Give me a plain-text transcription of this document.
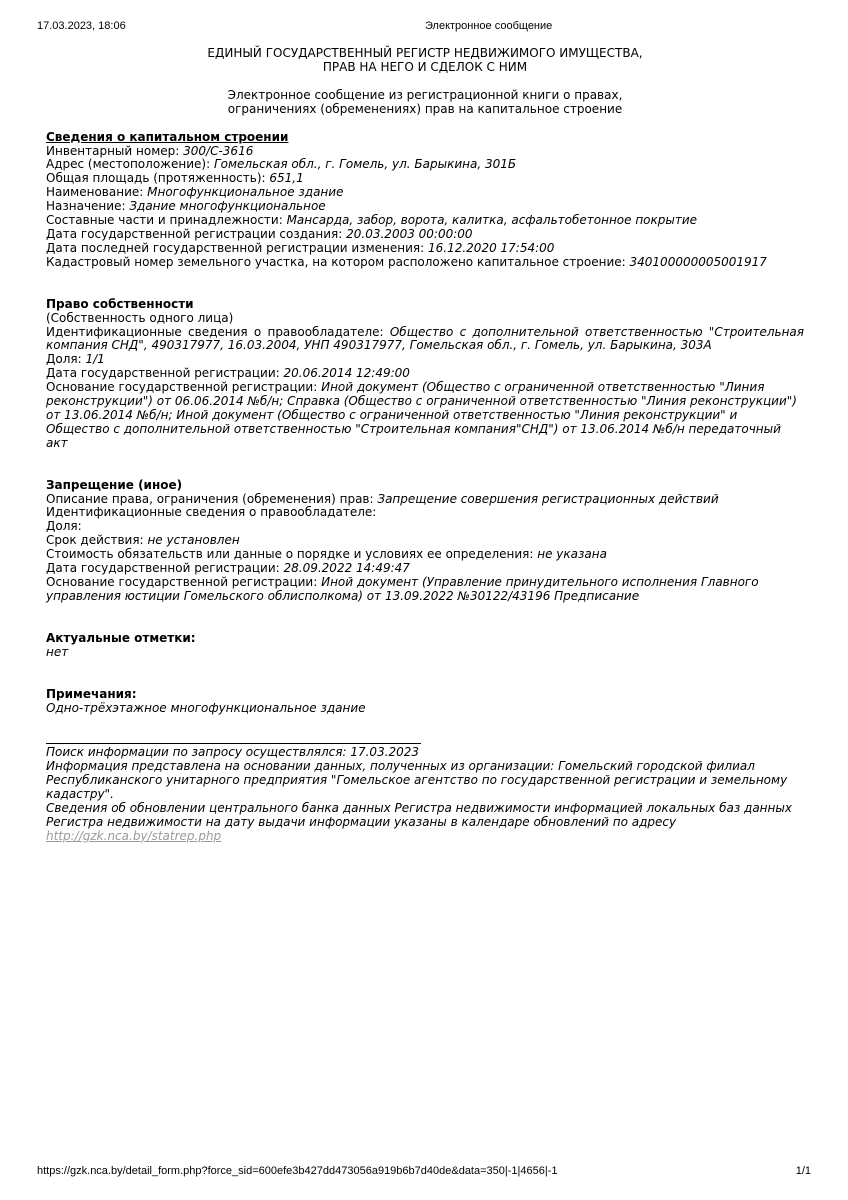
17.03.2023, 18:06	Электронное сообщение
ЕДИНЫЙ ГОСУДАРСТВЕННЫЙ РЕГИСТР НЕДВИЖИМОГО ИМУЩЕСТВА,
ПРАВ НА НЕГО И СДЕЛОК С НИМ
Электронное сообщение из регистрационной книги о правах,
ограничениях (обременениях) прав на капитальное строение
Сведения о капитальном строении
Инвентарный номер: 300/С-3616
Адрес (местоположение): Гомельская обл., г. Гомель, ул. Барыкина, 301Б
Общая площадь (протяженность): 651,1
Наименование: Многофункциональное здание
Назначение: Здание многофункциональное
Составные части и принадлежности: Мансарда, забор, ворота, калитка, асфальтобетонное покрытие
Дата государственной регистрации создания: 20.03.2003 00:00:00
Дата последней государственной регистрации изменения: 16.12.2020 17:54:00
Кадастровый номер земельного участка, на котором расположено капитальное строение: 340100000005001917
Право собственности
(Собственность одного лица)
Идентификационные сведения о правообладателе: Общество с дополнительной ответственностью "Строительная компания СНД", 490317977, 16.03.2004, УНП 490317977, Гомельская обл., г. Гомель, ул. Барыкина, 303А
Доля: 1/1
Дата государственной регистрации: 20.06.2014 12:49:00
Основание государственной регистрации: Иной документ (Общество с ограниченной ответственностью "Линия реконструкции") от 06.06.2014 №б/н; Справка (Общество с ограниченной ответственностью "Линия реконструкции") от 13.06.2014 №б/н; Иной документ (Общество с ограниченной ответственностью "Линия реконструкции" и Общество с дополнительной ответственностью "Строительная компания"СНД") от 13.06.2014 №б/н передаточный акт
Запрещение (иное)
Описание права, ограничения (обременения) прав: Запрещение совершения регистрационных действий
Идентификационные сведения о правообладателе:
Доля:
Срок действия: не установлен
Стоимость обязательств или данные о порядке и условиях ее определения: не указана
Дата государственной регистрации: 28.09.2022 14:49:47
Основание государственной регистрации: Иной документ (Управление принудительного исполнения Главного управления юстиции Гомельского облисполкома) от 13.09.2022 №30122/43196 Предписание
Актуальные отметки:
нет
Примечания:
Одно-трёхэтажное многофункциональное здание
Поиск информации по запросу осуществлялся: 17.03.2023
Информация представлена на основании данных, полученных из организации: Гомельский городской филиал Республиканского унитарного предприятия "Гомельское агентство по государственной регистрации и земельному кадастру".
Сведения об обновлении центрального банка данных Регистра недвижимости информацией локальных баз данных Регистра недвижимости на дату выдачи информации указаны в календаре обновлений по адресу
http://gzk.nca.by/statrep.php
https://gzk.nca.by/detail_form.php?force_sid=600efe3b427dd473056a919b6b7d40de&data=350|-1|4656|-1	1/1
